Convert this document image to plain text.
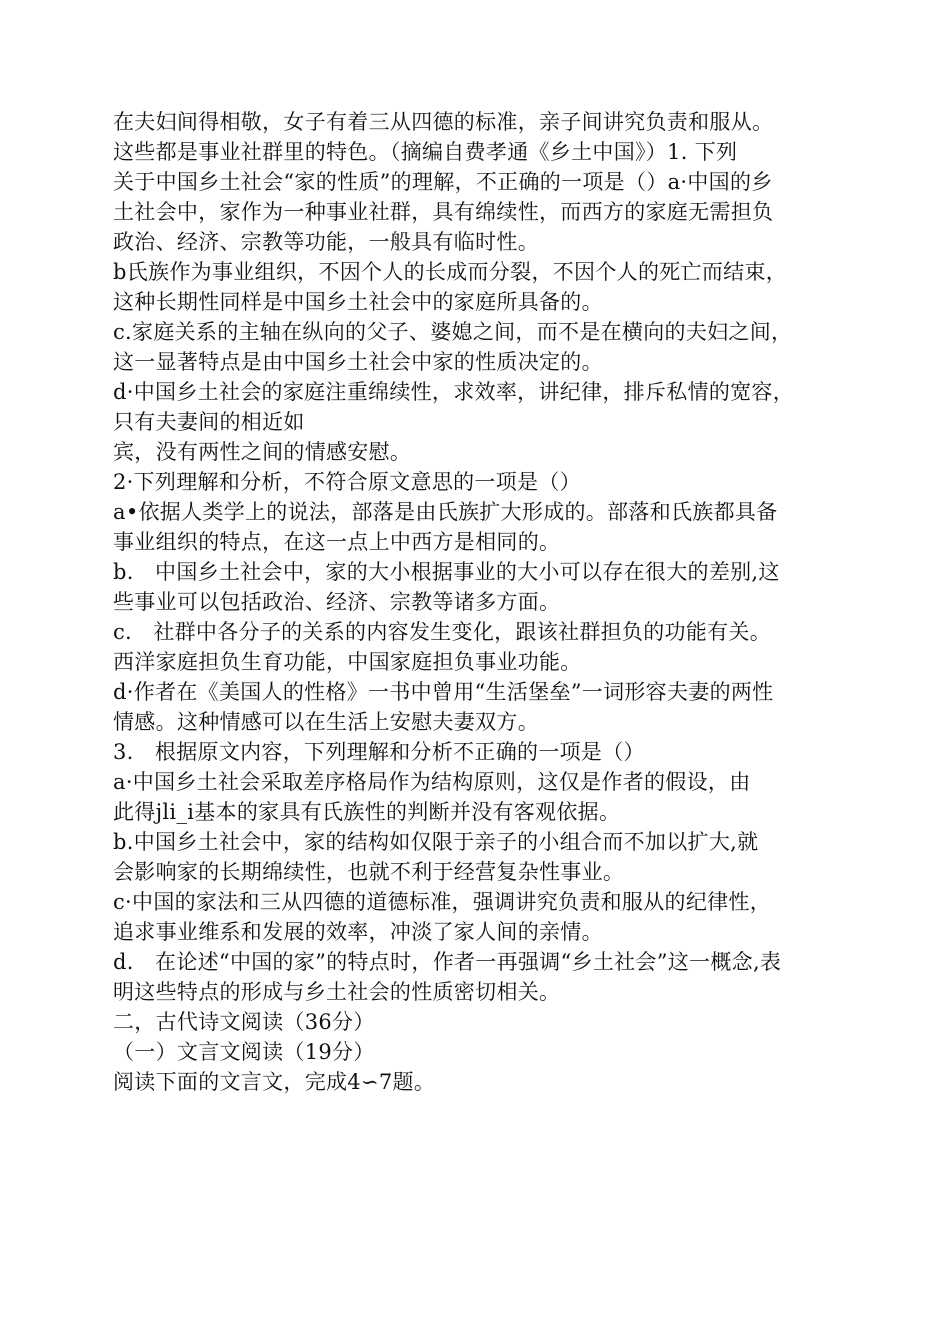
在夫妇间得相敬，女子有着三从四德的标准，亲子间讲究负责和服从。
这些都是事业社群里的特色。（摘编自费孝通《乡土中国》）1. 下列
关于中国乡土社会“家的性质”的理解，不正确的一项是（）a·中国的乡
土社会中，家作为一种事业社群，具有绵续性，而西方的家庭无需担负
政治、经济、宗教等功能，一般具有临时性。
b氏族作为事业组织，不因个人的长成而分裂，不因个人的死亡而结束，
这种长期性同样是中国乡土社会中的家庭所具备的。
c.家庭关系的主轴在纵向的父子、婆媳之间，而不是在横向的夫妇之间，
这一显著特点是由中国乡土社会中家的性质决定的。
d·中国乡土社会的家庭注重绵续性，求效率，讲纪律，排斥私情的宽容，
只有夫妻间的相近如
宾，没有两性之间的情感安慰。
2·下列理解和分析，不符合原文意思的一项是（）
a•依据人类学上的说法，部落是由氏族扩大形成的。部落和氏族都具备
事业组织的特点，在这一点上中西方是相同的。
b.　中国乡土社会中，家的大小根据事业的大小可以存在很大的差别,这
些事业可以包括政治、经济、宗教等诸多方面。
c.　社群中各分子的关系的内容发生变化，跟该社群担负的功能有关。
西洋家庭担负生育功能，中国家庭担负事业功能。
d·作者在《美国人的性格》一书中曾用“生活堡垒”一词形容夫妻的两性
情感。这种情感可以在生活上安慰夫妻双方。
3.　根据原文内容，下列理解和分析不正确的一项是（）
a·中国乡土社会采取差序格局作为结构原则，这仅是作者的假设，由
此得jli_i基本的家具有氏族性的判断并没有客观依据。
b.中国乡土社会中，家的结构如仅限于亲子的小组合而不加以扩大,就
会影响家的长期绵续性，也就不利于经营复杂性事业。
c·中国的家法和三从四德的道德标准，强调讲究负责和服从的纪律性，
追求事业维系和发展的效率，冲淡了家人间的亲情。
d.　在论述“中国的家”的特点时，作者一再强调“乡土社会”这一概念,表
明这些特点的形成与乡土社会的性质密切相关。
二，古代诗文阅读（36分）
（一）文言文阅读（19分）
阅读下面的文言文，完成4∽7题。
